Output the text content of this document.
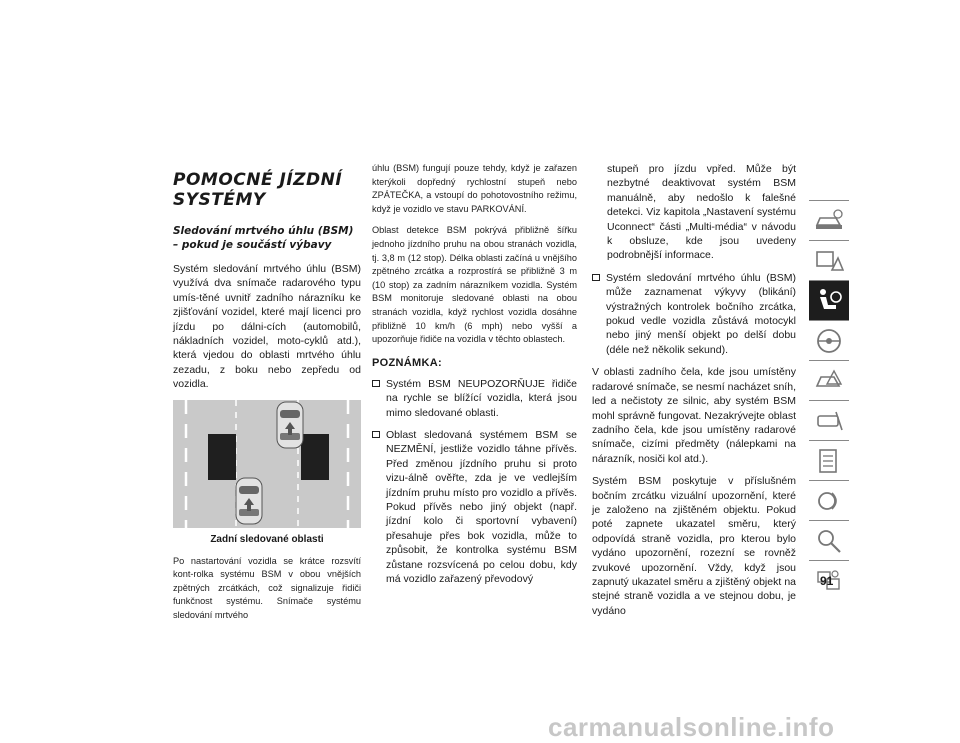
POMOCNÉ JÍZDNÍ SYSTÉMY
Sledování mrtvého úhlu (BSM) – pokud je součástí výbavy

Systém sledování mrtvého úhlu (BSM) využívá dva snímače radarového typu umís-těné uvnitř zadního nárazníku ke zjišťování vozidel, které mají licenci pro jízdu po dálni-cích (automobilů, nákladních vozidel, moto-cyklů atd.), která vjedou do oblasti mrtvého úhlu zezadu, z boku nebo zepředu od vozidla.

Zadní sledované oblasti

Po nastartování vozidla se krátce rozsvítí kont-rolka systému BSM v obou vnějších zpětných zrcátkách, což signalizuje řidiči funkčnost systému. Snímače systému sledování mrtvého

úhlu (BSM) fungují pouze tehdy, když je zařazen kterýkoli dopředný rychlostní stupeň nebo ZPÁTEČKA, a vstoupí do pohotovostního režimu, když je vozidlo ve stavu PARKOVÁNÍ.

Oblast detekce BSM pokrývá přibližně šířku jednoho jízdního pruhu na obou stranách vozidla, tj. 3,8 m (12 stop). Délka oblasti začíná u vnějšího zpětného zrcátka a rozprostírá se přibližně 3 m (10 stop) za zadním nárazníkem vozidla. Systém BSM monitoruje sledované oblasti na obou stranách vozidla, když rychlost vozidla dosáhne přibližně 10 km/h (6 mph) nebo vyšší a upozorňuje řidiče na vozidla v těchto oblastech.

POZNÁMKA:

Systém BSM NEUPOZORŇUJE řidiče na rychle se blížící vozidla, která jsou mimo sledované oblasti.

Oblast sledovaná systémem BSM se NEZMĚNÍ, jestliže vozidlo táhne přívěs. Před změnou jízdního pruhu si proto vizu-álně ověřte, zda je ve vedlejším jízdním pruhu místo pro vozidlo a přívěs. Pokud přívěs nebo jiný objekt (např. jízdní kolo či sportovní vybavení) přesahuje přes bok vozidla, může to způsobit, že kontrolka systému BSM zůstane rozsvícená po celou dobu, kdy má vozidlo zařazený převodový

stupeň pro jízdu vpřed. Může být nezbytné deaktivovat systém BSM manuálně, aby nedošlo k falešné detekci. Viz kapitola „Nastavení systému Uconnect“ části „Multi-média“ v návodu k obsluze, kde jsou uvedeny podrobnější informace.

Systém sledování mrtvého úhlu (BSM) může zaznamenat výkyvy (blikání) výstražných kontrolek bočního zrcátka, pokud vedle vozidla zůstává motocykl nebo jiný menší objekt po delší dobu (déle než několik sekund).

V oblasti zadního čela, kde jsou umístěny radarové snímače, se nesmí nacházet sníh, led a nečistoty ze silnic, aby systém BSM mohl správně fungovat. Nezakrývejte oblast zadního čela, kde jsou umístěny radarové snímače, cizími předměty (nálepkami na nárazník, nosiči kol atd.).

Systém BSM poskytuje v příslušném bočním zrcátku vizuální upozornění, které je založeno na zjištěném objektu. Pokud poté zapnete ukazatel směru, který odpovídá straně vozidla, pro kterou bylo vydáno upozornění, rozezní se rovněž zvukové upozornění. Vždy, když jsou zapnutý ukazatel směru a zjištěný objekt na stejné straně vozidla a ve stejnou dobu, je vydáno

91
carmanualsonline.info
